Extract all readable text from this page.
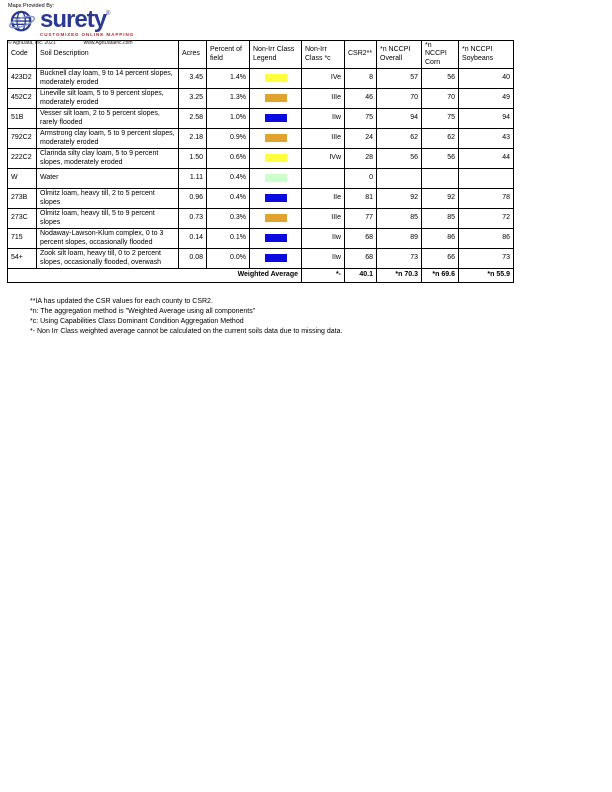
Maps Provided By:
surety®
CUSTOMIZED ONLINE MAPPING
© AgriData, Inc. 2021	www.AgriDataInc.com
Code	Soil Description	Acres	Percent of field	Non-Irr Class Legend	Non-Irr Class *c	CSR2**	*n NCCPI Overall	*n NCCPI Corn	*n NCCPI Soybeans
423D2	Bucknell clay loam, 9 to 14 percent slopes, moderately eroded	3.45	1.4%		IVe	8	57	56	40
452C2	Lineville silt loam, 5 to 9 percent slopes, moderately eroded	3.25	1.3%		IIIe	46	70	70	49
51B	Vesser silt loam, 2 to 5 percent slopes, rarely flooded	2.58	1.0%		IIw	75	94	75	94
792C2	Armstrong clay loam, 5 to 9 percent slopes, moderately eroded	2.18	0.9%		IIIe	24	62	62	43
222C2	Clarinda silty clay loam, 5 to 9 percent slopes, moderately eroded	1.50	0.6%		IVw	28	56	56	44
W	Water	1.11	0.4%			0			
273B	Olmitz loam, heavy till, 2 to 5 percent slopes	0.96	0.4%		IIe	81	92	92	78
273C	Olmitz loam, heavy till, 5 to 9 percent slopes	0.73	0.3%		IIIe	77	85	85	72
715	Nodaway-Lawson-Klum complex, 0 to 3 percent slopes, occasionally flooded	0.14	0.1%		IIw	68	89	86	86
54+	Zook silt loam, heavy till, 0 to 2 percent slopes, occasionally flooded, overwash	0.08	0.0%		IIw	68	73	66	73
Weighted Average					*-	40.1	*n 70.3	*n 69.6	*n 55.9
**IA has updated the CSR values for each county to CSR2.
*n: The aggregation method is "Weighted Average using all components"
*c: Using Capabilities Class Dominant Condition Aggregation Method
*- Non Irr Class weighted average cannot be calculated on the current soils data due to missing data.
